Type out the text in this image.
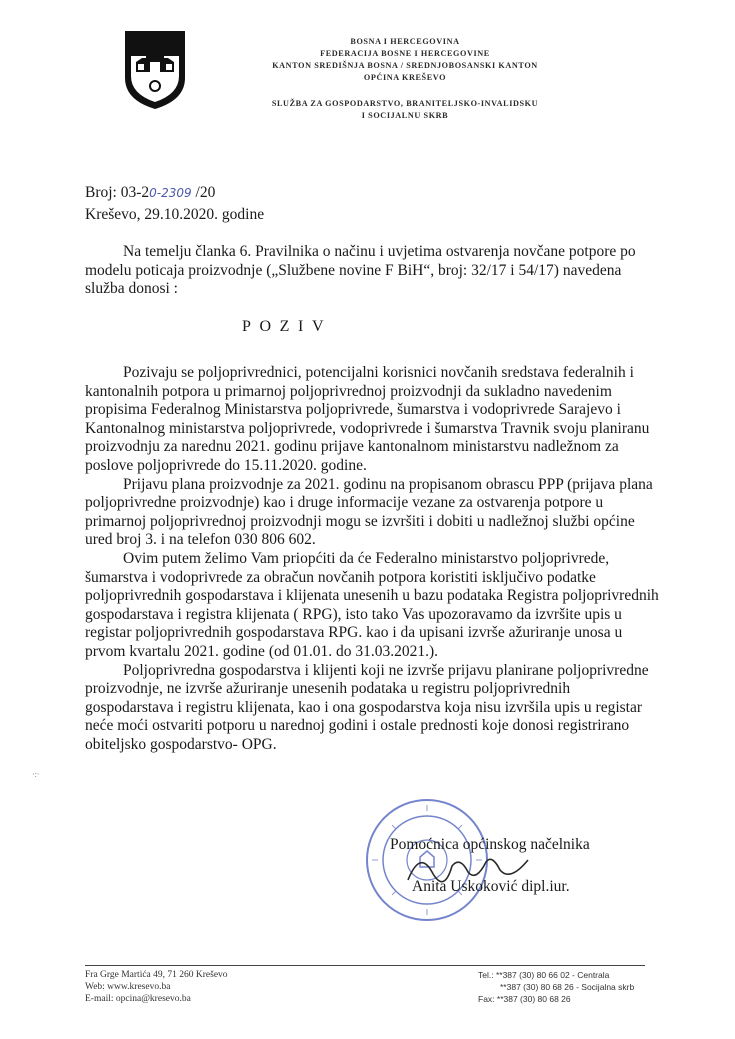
BOSNA I HERCEGOVINA
FEDERACIJA BOSNE I HERCEGOVINE
KANTON SREDIŠNJA BOSNA / SREDNJOBOSANSKI KANTON
OPĆINA KREŠEVO
SLUŽBA ZA GOSPODARSTVO, BRANITELJSKO-INVALIDSKU
I SOCIJALNU SKRB
Broj: 03-20-2309 /20
Kreševo, 29.10.2020. godine

Na temelju članka 6. Pravilnika o načinu i uvjetima ostvarenja novčane potpore po modelu poticaja proizvodnje („Službene novine F BiH“, broj: 32/17 i 54/17) navedena služba donosi :

POZIV

Pozivaju se poljoprivrednici, potencijalni korisnici novčanih sredstava federalnih i kantonalnih potpora u primarnoj poljoprivrednoj proizvodnji da sukladno navedenim propisima Federalnog Ministarstva poljoprivrede, šumarstva i vodoprivrede Sarajevo i Kantonalnog ministarstva poljoprivrede, vodoprivrede i šumarstva Travnik svoju planiranu proizvodnju za narednu 2021. godinu prijave kantonalnom ministarstvu nadležnom za poslove poljoprivrede do 15.11.2020. godine.

Prijavu plana proizvodnje za 2021. godinu na propisanom obrascu PPP (prijava plana poljoprivredne proizvodnje) kao i druge informacije vezane za ostvarenja potpore u primarnoj poljoprivrednoj proizvodnji mogu se izvršiti i dobiti u nadležnoj službi općine ured broj 3. i na telefon 030 806 602.

Ovim putem želimo Vam priopćiti da će Federalno ministarstvo poljoprivrede, šumarstva i vodoprivrede za obračun novčanih potpora koristiti isključivo podatke poljoprivrednih gospodarstava i klijenata unesenih u bazu podataka Registra poljoprivrednih gospodarstava i registra klijenata ( RPG), isto tako Vas upozoravamo da izvršite upis u registar poljoprivrednih gospodarstava RPG. kao i da upisani izvrše ažuriranje unosa u prvom kvartalu 2021. godine (od 01.01. do 31.03.2021.).

Poljoprivredna gospodarstva i klijenti koji ne izvrše prijavu planirane poljoprivredne proizvodnje, ne izvrše ažuriranje unesenih podataka u registru poljoprivrednih gospodarstava i registru klijenata, kao i ona gospodarstva koja nisu izvršila upis u registar neće moći ostvariti potporu u narednoj godini i ostale prednosti koje donosi registrirano obiteljsko gospodarstvo- OPG.

·:·
Pomoćnica općinskog načelnika
Anita Uskoković dipl.iur.
Fra Grge Martića 49, 71 260 Kreševo
Web: www.kresevo.ba
E-mail: opcina@kresevo.ba
Tel.: **387 (30) 80 66 02 - Centrala
**387 (30) 80 68 26 - Socijalna skrb
Fax: **387 (30) 80 68 26
